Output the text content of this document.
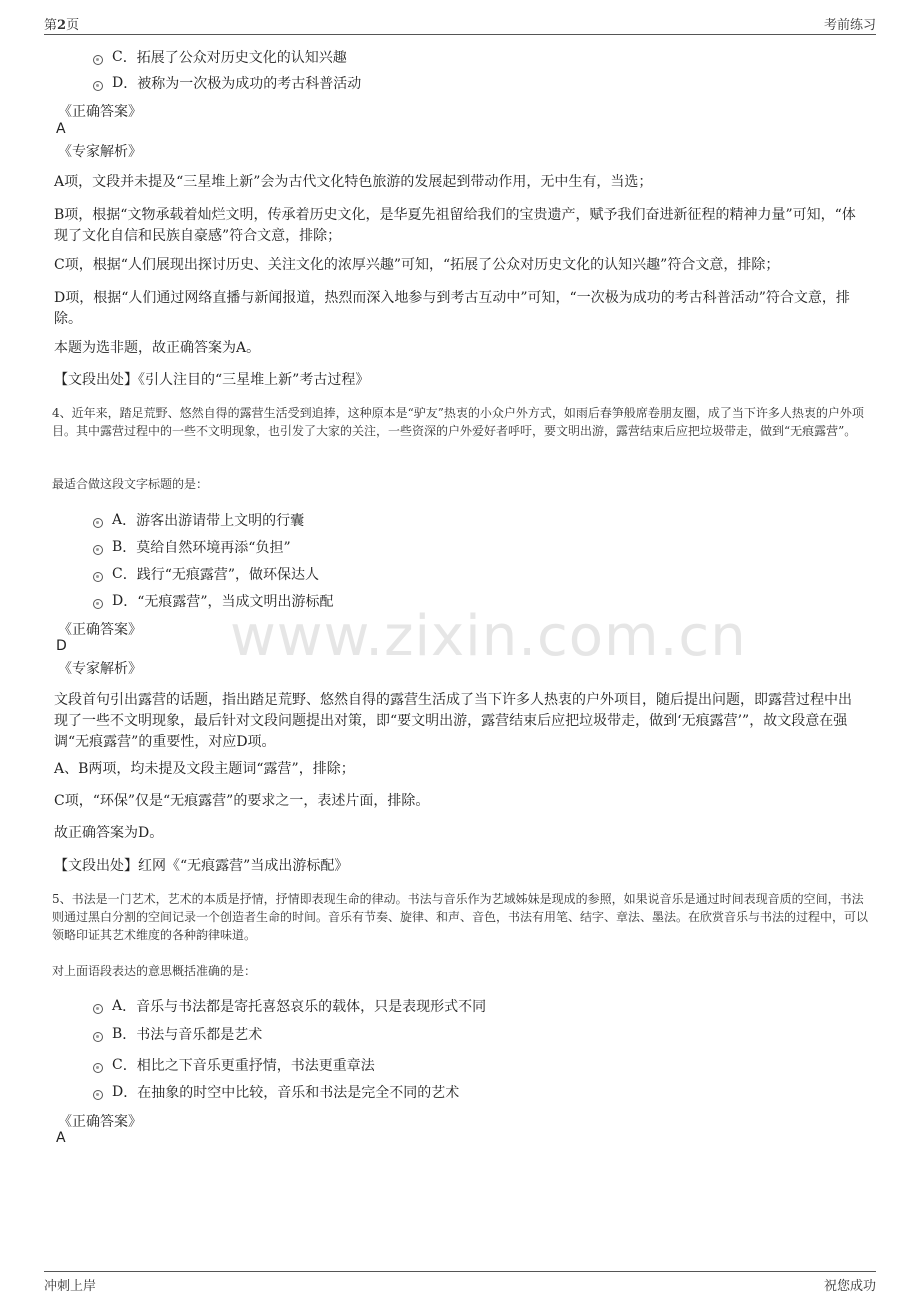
第2页	考前练习
www.zixin.com.cn
C ． 拓展了公众对历史文化的认知兴趣
D ． 被称为一次极为成功的考古科普活动
《正确答案》
A
《专家解析》
A项，文段并未提及“三星堆上新”会为古代文化特色旅游的发展起到带动作用，无中生有，当选；
B项，根据“文物承载着灿烂文明，传承着历史文化，是华夏先祖留给我们的宝贵遗产，赋予我们奋进新征程的精神力量”可知，“体现了文化自信和民族自豪感”符合文意，排除；
C项，根据“人们展现出探讨历史、关注文化的浓厚兴趣”可知，“拓展了公众对历史文化的认知兴趣”符合文意，排除；
D项，根据“人们通过网络直播与新闻报道，热烈而深入地参与到考古互动中”可知，“一次极为成功的考古科普活动”符合文意，排除。
本题为选非题，故正确答案为A。
【文段出处】《引人注目的“三星堆上新”考古过程》
4、近年来，踏足荒野、悠然自得的露营生活受到追捧，这种原本是“驴友”热衷的小众户外方式，如雨后春笋般席卷朋友圈，成了当下许多人热衷的户外项目。其中露营过程中的一些不文明现象，也引发了大家的关注，一些资深的户外爱好者呼吁，要文明出游，露营结束后应把垃圾带走，做到“无痕露营”。
最适合做这段文字标题的是：
A ． 游客出游请带上文明的行囊
B ． 莫给自然环境再添“负担”
C ． 践行“无痕露营”，做环保达人
D ． “无痕露营”，当成文明出游标配
《正确答案》
D
《专家解析》
文段首句引出露营的话题，指出踏足荒野、悠然自得的露营生活成了当下许多人热衷的户外项目，随后提出问题，即露营过程中出现了一些不文明现象，最后针对文段问题提出对策，即“要文明出游，露营结束后应把垃圾带走，做到‘无痕露营’”，故文段意在强调“无痕露营”的重要性，对应D项。
A、B两项，均未提及文段主题词“露营”，排除；
C项，“环保”仅是“无痕露营”的要求之一，表述片面，排除。
故正确答案为D。
【文段出处】红网《“无痕露营”当成出游标配》
5、书法是一门艺术，艺术的本质是抒情，抒情即表现生命的律动。书法与音乐作为艺域姊妹是现成的参照，如果说音乐是通过时间表现音质的空间，书法则通过黑白分割的空间记录一个创造者生命的时间。音乐有节奏、旋律、和声、音色，书法有用笔、结字、章法、墨法。在欣赏音乐与书法的过程中，可以领略印证其艺术维度的各种韵律味道。
对上面语段表达的意思概括准确的是：
A ． 音乐与书法都是寄托喜怒哀乐的载体，只是表现形式不同
B ． 书法与音乐都是艺术
C ． 相比之下音乐更重抒情，书法更重章法
D ． 在抽象的时空中比较，音乐和书法是完全不同的艺术
《正确答案》
A
冲刺上岸	祝您成功
